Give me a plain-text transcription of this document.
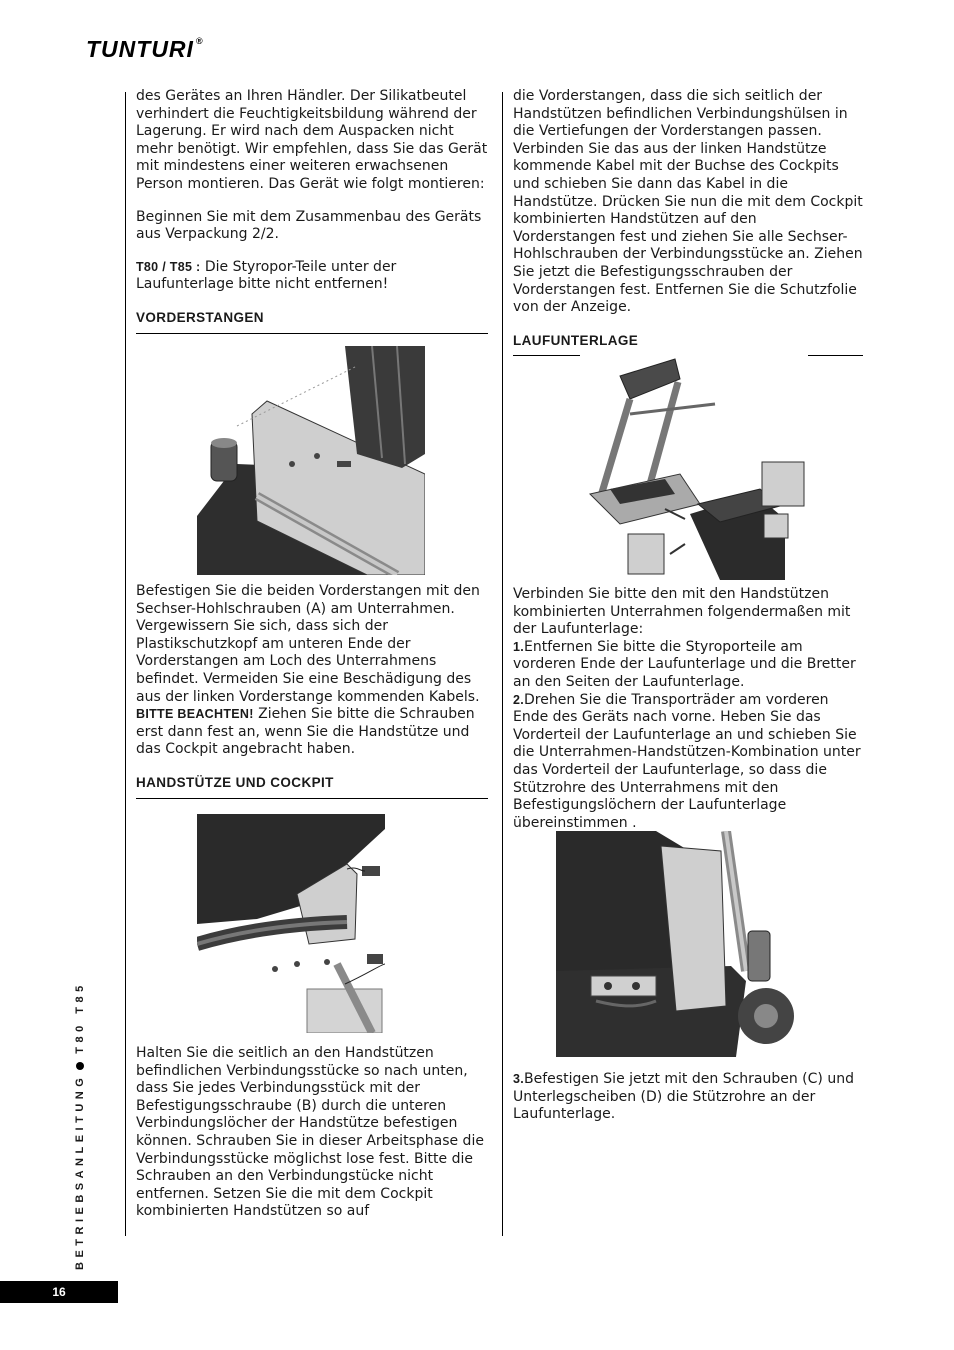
TUNTURI ®

des Gerätes an Ihren Händler. Der Silikatbeutel verhindert die Feuchtigkeitsbildung während der Lagerung. Er wird nach dem Auspacken nicht mehr benötigt. Wir empfehlen, dass Sie das Gerät mit mindestens einer weiteren erwachsenen Person montieren. Das Gerät wie folgt montieren:

Beginnen Sie mit dem Zusammenbau des Geräts aus Verpackung 2/2.

T80 / T85 : Die Styropor-Teile unter der Laufunterlage bitte nicht entfernen!

VORDERSTANGEN

Befestigen Sie die beiden Vorderstangen mit den Sechser-Hohlschrauben (A) am Unterrahmen. Vergewissern Sie sich, dass sich der Plastikschutzkopf am unteren Ende der Vorderstangen am Loch des Unterrahmens befindet. Vermeiden Sie eine Beschädigung des aus der linken Vorderstange kommenden Kabels. BITTE BEACHTEN! Ziehen Sie bitte die Schrauben erst dann fest an, wenn Sie die Handstütze und das Cockpit angebracht haben.

HANDSTÜTZE UND COCKPIT

Halten Sie die seitlich an den Handstützen befindlichen Verbindungsstücke so nach unten, dass Sie jedes Verbindungsstück mit der Befestigungsschraube (B) durch die unteren Verbindungslöcher der Handstütze befestigen können. Schrauben Sie in dieser Arbeitsphase die Verbindungsstücke möglichst lose fest. Bitte die Schrauben an den Verbindungstücke nicht entfernen. Setzen Sie die mit dem Cockpit kombinierten Handstützen so auf

die Vorderstangen, dass die sich seitlich der Handstützen befindlichen Verbindungshülsen in die Vertiefungen der Vorderstangen passen. Verbinden Sie das aus der linken Handstütze kommende Kabel mit der Buchse des Cockpits und schieben Sie dann das Kabel in die Handstütze. Drücken Sie nun die mit dem Cockpit kombinierten Handstützen auf den Vorderstangen fest und ziehen Sie alle Sechser-Hohlschrauben der Verbindungsstücke an. Ziehen Sie jetzt die Befestigungsschrauben der Vorderstangen fest. Entfernen Sie die Schutzfolie von der Anzeige.

LAUFUNTERLAGE

Verbinden Sie bitte den mit den Handstützen kombinierten Unterrahmen folgendermaßen mit der Laufunterlage:

1.Entfernen Sie bitte die Styroporteile am vorderen Ende der Laufunterlage und die Bretter an den Seiten der Laufunterlage.

2.Drehen Sie die Transporträder am vorderen Ende des Geräts nach vorne. Heben Sie das Vorderteil der Laufunterlage an und schieben Sie die Unterrahmen-Handstützen-Kombination unter das Vorderteil der Laufunterlage, so dass die Stützrohre des Unterrahmens mit den Befestigungslöchern der Laufunterlage übereinstimmen .

3.Befestigen Sie jetzt mit den Schrauben (C) und Unterlegscheiben (D) die Stützrohre an der Laufunterlage.

BETRIEBSANLEITUNGT80 T85
16
